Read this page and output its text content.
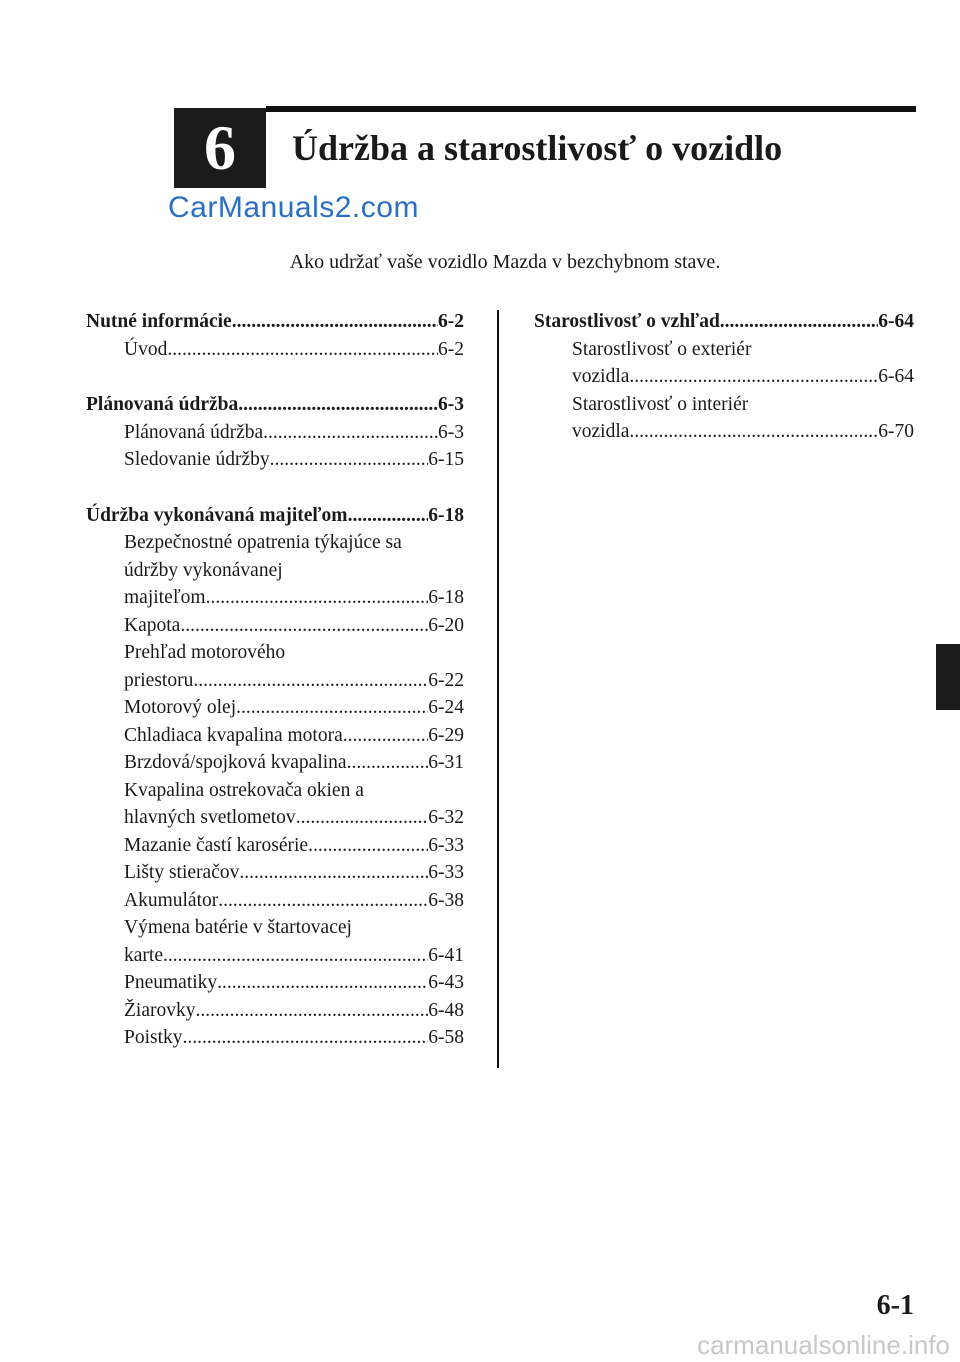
6	Údržba a starostlivosť o vozidlo
CarManuals2.com
Ako udržať vaše vozidlo Mazda v bezchybnom stave.
Nutné informácie .....	6-2
Úvod .....	6-2
Plánovaná údržba .....	6-3
Plánovaná údržba .....	6-3
Sledovanie údržby .....	6-15
Údržba vykonávaná majiteľom .....	6-18
Bezpečnostné opatrenia týkajúce sa
údržby vykonávanej
majiteľom .....	6-18
Kapota .....	6-20
Prehľad motorového
priestoru .....	6-22
Motorový olej .....	6-24
Chladiaca kvapalina motora .....	6-29
Brzdová/spojková kvapalina .....	6-31
Kvapalina ostrekovača okien a
hlavných svetlometov .....	6-32
Mazanie častí karosérie .....	6-33
Lišty stieračov .....	6-33
Akumulátor .....	6-38
Výmena batérie v štartovacej
karte .....	6-41
Pneumatiky .....	6-43
Žiarovky .....	6-48
Poistky .....	6-58
Starostlivosť o vzhľad .....	6-64
Starostlivosť o exteriér
vozidla .....	6-64
Starostlivosť o interiér
vozidla .....	6-70
6-1
carmanualsonline.info
